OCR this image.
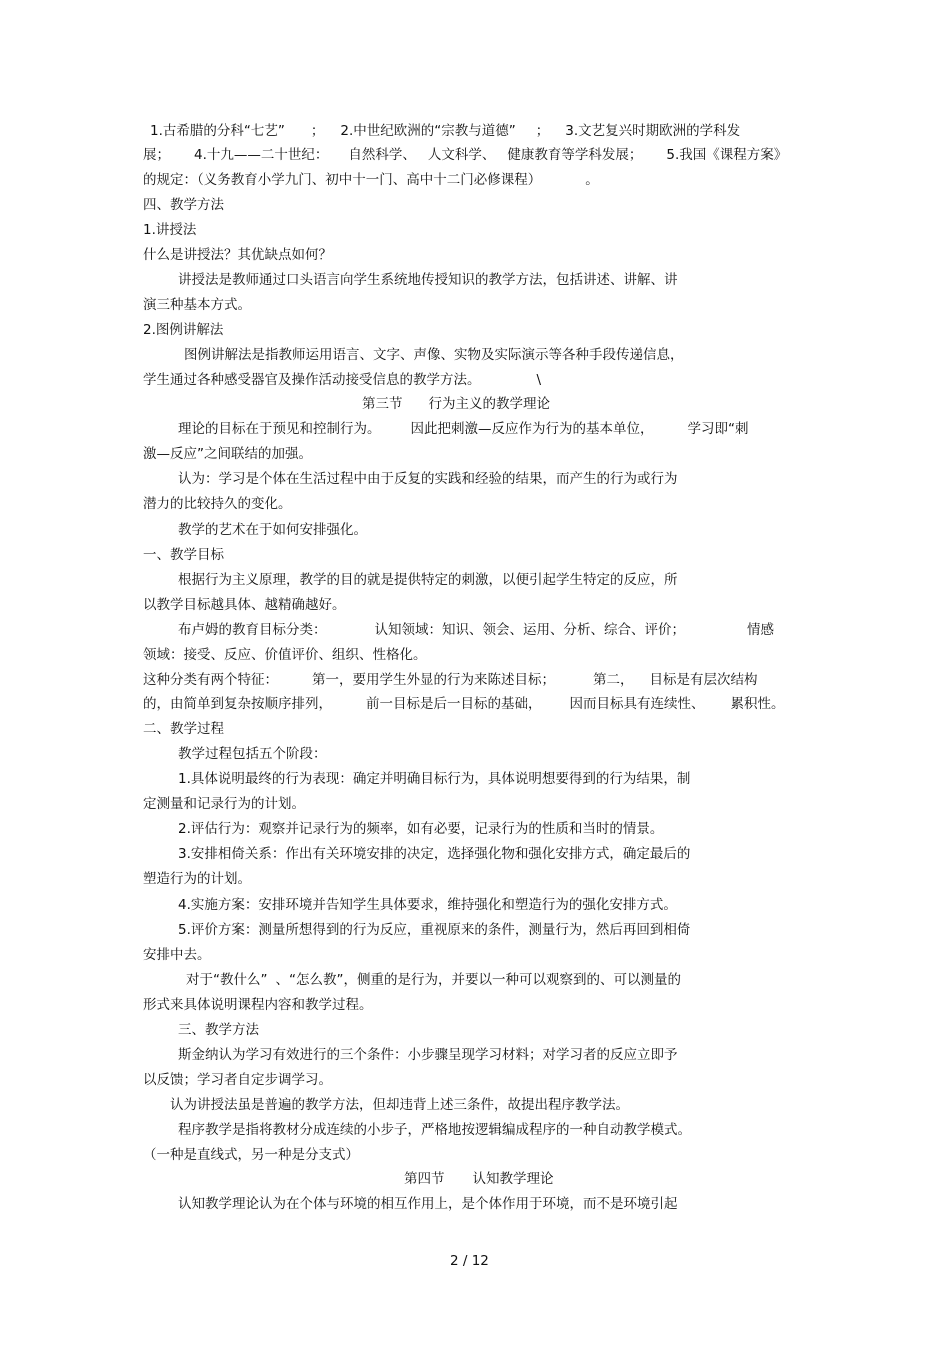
1.古希腊的分科“七艺” ； 2.中世纪欧洲的“宗教与道德” ； 3.文艺复兴时期欧洲的学科发
展； 4.十九——二十世纪： 自然科学、 人文科学、 健康教育等学科发展； 5.我国《课程方案》
的规定：（义务教育小学九门、初中十一门、高中十二门必修课程）	。
四、教学方法
1.讲授法
什么是讲授法？其优缺点如何？
讲授法是教师通过口头语言向学生系统地传授知识的教学方法，包括讲述、讲解、讲
演三种基本方式。
2.图例讲解法
图例讲解法是指教师运用语言、文字、声像、实物及实际演示等各种手段传递信息，
学生通过各种感受器官及操作活动接受信息的教学方法。	\
第三节 行为主义的教学理论
理论的目标在于预见和控制行为。 因此把刺激—反应作为行为的基本单位，	学习即“刺
激—反应”之间联结的加强。
认为：学习是个体在生活过程中由于反复的实践和经验的结果，而产生的行为或行为
潜力的比较持久的变化。
教学的艺术在于如何安排强化。
一、教学目标
根据行为主义原理，教学的目的就是提供特定的刺激，以便引起学生特定的反应，所
以教学目标越具体、越精确越好。
布卢姆的教育目标分类：	认知领域：知识、领会、运用、分析、综合、评价；	情感
领域：接受、反应、价值评价、组织、性格化。
这种分类有两个特征：	第一，要用学生外显的行为来陈述目标；	第二， 目标是有层次结构
的，由简单到复杂按顺序排列，	前一目标是后一目标的基础， 因而目标具有连续性、 累积性。
二、教学过程
教学过程包括五个阶段：
1.具体说明最终的行为表现：确定并明确目标行为，具体说明想要得到的行为结果，制
定测量和记录行为的计划。
2.评估行为：观察并记录行为的频率，如有必要，记录行为的性质和当时的情景。
3.安排相倚关系：作出有关环境安排的决定，选择强化物和强化安排方式，确定最后的
塑造行为的计划。
4.实施方案：安排环境并告知学生具体要求，维持强化和塑造行为的强化安排方式。
5.评价方案：测量所想得到的行为反应，重视原来的条件，测量行为，然后再回到相倚
安排中去。
对于“教什么” 、“怎么教”，侧重的是行为，并要以一种可以观察到的、可以测量的
形式来具体说明课程内容和教学过程。
三、教学方法
斯金纳认为学习有效进行的三个条件：小步骤呈现学习材料；对学习者的反应立即予
以反馈；学习者自定步调学习。
认为讲授法虽是普遍的教学方法，但却违背上述三条件，故提出程序教学法。
程序教学是指将教材分成连续的小步子，严格地按逻辑编成程序的一种自动教学模式。
（一种是直线式，另一种是分支式）
第四节 认知教学理论
认知教学理论认为在个体与环境的相互作用上，是个体作用于环境，而不是环境引起
2 / 12
